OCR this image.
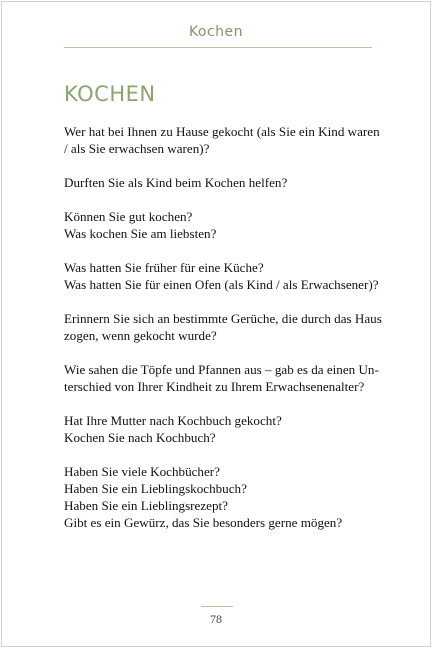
Kochen
KOCHEN

Wer hat bei Ihnen zu Hause gekocht (als Sie ein Kind waren
/ als Sie erwachsen waren)?

Durften Sie als Kind beim Kochen helfen?

Können Sie gut kochen?
Was kochen Sie am liebsten?

Was hatten Sie früher für eine Küche?
Was hatten Sie für einen Ofen (als Kind / als Erwachsener)?

Erinnern Sie sich an bestimmte Gerüche, die durch das Haus
zogen, wenn gekocht wurde?

Wie sahen die Töpfe und Pfannen aus – gab es da einen Un-
terschied von Ihrer Kindheit zu Ihrem Erwachsenenalter?

Hat Ihre Mutter nach Kochbuch gekocht?
Kochen Sie nach Kochbuch?

Haben Sie viele Kochbücher?
Haben Sie ein Lieblingskochbuch?
Haben Sie ein Lieblingsrezept?
Gibt es ein Gewürz, das Sie besonders gerne mögen?

78
